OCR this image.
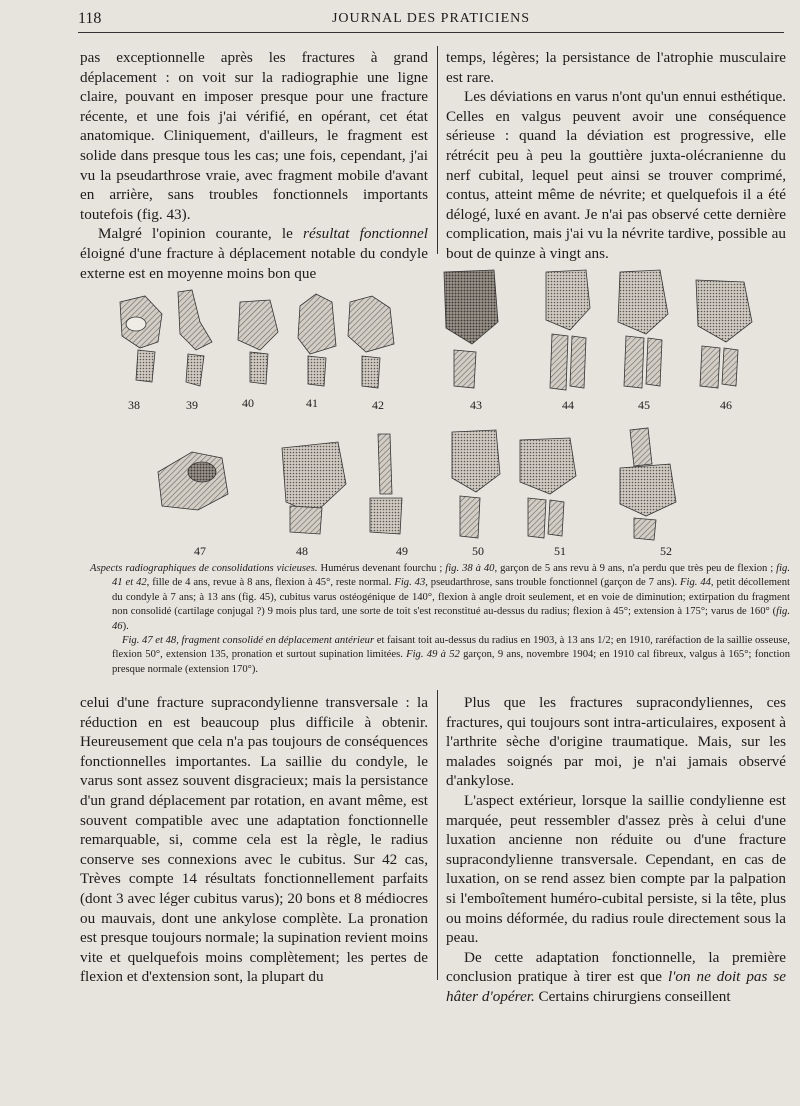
118	JOURNAL DES PRATICIENS

pas exceptionnelle après les fractures à grand déplacement : on voit sur la radiographie une ligne claire, pouvant en imposer presque pour une fracture récente, et une fois j'ai vérifié, en opérant, cet état anatomique. Cliniquement, d'ailleurs, le fragment est solide dans presque tous les cas; une fois, cependant, j'ai vu la pseudarthrose vraie, avec fragment mobile d'avant en arrière, sans troubles fonctionnels importants toutefois (fig. 43).

Malgré l'opinion courante, le résultat fonctionnel éloigné d'une fracture à déplacement notable du condyle externe est en moyenne moins bon que

temps, légères; la persistance de l'atrophie musculaire est rare.

Les déviations en varus n'ont qu'un ennui esthétique. Celles en valgus peuvent avoir une conséquence sérieuse : quand la déviation est progressive, elle rétrécit peu à peu la gouttière juxta-olécranienne du nerf cubital, lequel peut ainsi se trouver comprimé, contus, atteint même de névrite; et quelquefois il a été délogé, luxé en avant. Je n'ai pas observé cette dernière complication, mais j'ai vu la névrite tardive, possible au bout de quinze à vingt ans.

38	39	40	41	42	43	44	45	46
47	48	49	50	51	52

Aspects radiographiques de consolidations vicieuses. Humérus devenant fourchu ; fig. 38 à 40, garçon de 5 ans revu à 9 ans, n'a perdu que très peu de flexion ; fig. 41 et 42, fille de 4 ans, revue à 8 ans, flexion à 45°, reste normal. Fig. 43, pseudarthrose, sans trouble fonctionnel (garçon de 7 ans). Fig. 44, petit décollement du condyle à 7 ans; à 13 ans (fig. 45), cubitus varus ostéogénique de 140°, flexion à angle droit seulement, et en voie de diminution; extirpation du fragment non consolidé (cartilage conjugal ?) 9 mois plus tard, une sorte de toit s'est reconstitué au-dessus du radius; flexion à 45°; extension à 175°; varus de 160° (fig. 46).

Fig. 47 et 48, fragment consolidé en déplacement antérieur et faisant toit au-dessus du radius en 1903, à 13 ans 1/2; en 1910, raréfaction de la saillie osseuse, flexion 50°, extension 135, pronation et surtout supination limitées. Fig. 49 à 52 garçon, 9 ans, novembre 1904; en 1910 cal fibreux, valgus à 165°; fonction presque normale (extension 170°).

celui d'une fracture supracondylienne transversale : la réduction en est beaucoup plus difficile à obtenir. Heureusement que cela n'a pas toujours de conséquences fonctionnelles importantes. La saillie du condyle, le varus sont assez souvent disgracieux; mais la persistance d'un grand déplacement par rotation, en avant même, est souvent compatible avec une adaptation fonctionnelle remarquable, si, comme cela est la règle, le radius conserve ses connexions avec le cubitus. Sur 42 cas, Trèves compte 14 résultats fonctionnellement parfaits (dont 3 avec léger cubitus varus); 20 bons et 8 médiocres ou mauvais, dont une ankylose complète. La pronation est presque toujours normale; la supination revient moins vite et quelquefois moins complètement; les pertes de flexion et d'extension sont, la plupart du

Plus que les fractures supracondyliennes, ces fractures, qui toujours sont intra-articulaires, exposent à l'arthrite sèche d'origine traumatique. Mais, sur les malades soignés par moi, je n'ai jamais observé d'ankylose.

L'aspect extérieur, lorsque la saillie condylienne est marquée, peut ressembler d'assez près à celui d'une luxation ancienne non réduite ou d'une fracture supracondylienne transversale. Cependant, en cas de luxation, on se rend assez bien compte par la palpation si l'emboîtement huméro-cubital persiste, si la tête, plus ou moins déformée, du radius roule directement sous la peau.

De cette adaptation fonctionnelle, la première conclusion pratique à tirer est que l'on ne doit pas se hâter d'opérer. Certains chirurgiens conseillent
